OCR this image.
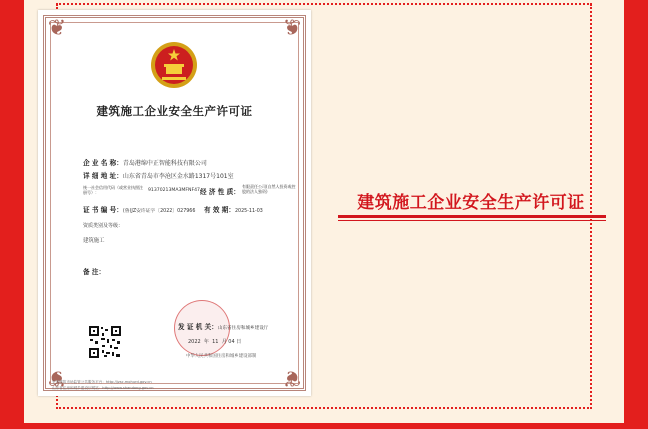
❦	❦
❦	❦
建筑施工企业安全生产许可证
企 业 名 称：青岛港绵中正智能科技有限公司
详 细 地 址：山东省青岛市李沧区金水路1317号101室
统一社会信用代码（或营业执照注册号）：	91370213MA3MFNF47 经 济 性 质：
有限责任公司(自然人投资或控股的法人独资)
证 书 编 号：(鲁)JZ安许证字〔2022〕027966 有 效 期：2025-11-03
资质类别及等级：
建筑施工
备 注：
发 证 机 关：山东省住房和城乡建设厅
2022 年 11 月 04 日
中华人民共和国住房和城乡建设部制
全国建筑市场监管公共服务平台：http://jzsc.mohurd.gov.cn
山东省住房和城乡建设厅网站：http://www.shandong.gov.cn
建筑施工企业安全生产许可证
